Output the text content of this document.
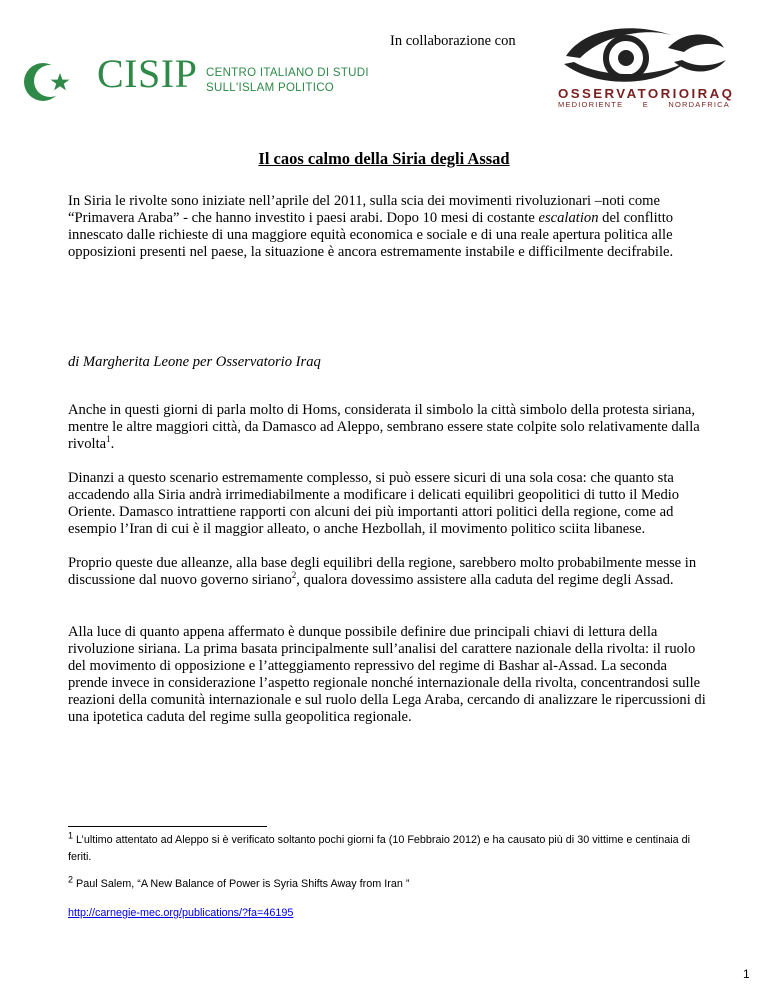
In collaborazione con
CISIP CENTRO ITALIANO DI STUDI
SULL'ISLAM POLITICO	OSSERVATORIOIRAQ
MEDIORIENTE	E	NORDAFRICA
Il caos calmo della Siria degli Assad
In Siria le rivolte sono iniziate nell’aprile del 2011, sulla scia dei movimenti rivoluzionari –noti come “Primavera Araba” - che hanno investito i paesi arabi. Dopo 10 mesi di costante escalation del conflitto innescato dalle richieste di una maggiore equità economica e sociale e di una reale apertura politica alle opposizioni presenti nel paese, la situazione è ancora estremamente instabile e difficilmente decifrabile.
di Margherita Leone per Osservatorio Iraq
Anche in questi giorni di parla molto di Homs, considerata il simbolo la città simbolo della protesta siriana, mentre le altre maggiori città, da Damasco ad Aleppo, sembrano essere state colpite solo relativamente dalla rivolta$^1$.
Dinanzi a questo scenario estremamente complesso, si può essere sicuri di una sola cosa: che quanto sta accadendo alla Siria andrà irrimediabilmente a modificare i delicati equilibri geopolitici di tutto il Medio Oriente. Damasco intrattiene rapporti con alcuni dei più importanti attori politici della regione, come ad esempio l’Iran di cui è il maggior alleato, o anche Hezbollah, il movimento politico sciita libanese.
Proprio queste due alleanze, alla base degli equilibri della regione, sarebbero molto probabilmente messe in discussione dal nuovo governo siriano$^2$, qualora dovessimo assistere alla caduta del regime degli Assad.
Alla luce di quanto appena affermato è dunque possibile definire due principali chiavi di lettura della rivoluzione siriana. La prima basata principalmente sull’analisi del carattere nazionale della rivolta: il ruolo del movimento di opposizione e l’atteggiamento repressivo del regime di Bashar al-Assad. La seconda prende invece in considerazione l’aspetto regionale nonché internazionale della rivolta, concentrandosi sulle reazioni della comunità internazionale e sul ruolo della Lega Araba, cercando di analizzare le ripercussioni di una ipotetica caduta del regime sulla geopolitica regionale.
$^1$ L’ultimo attentato ad Aleppo si è verificato soltanto pochi giorni fa (10 Febbraio 2012) e ha causato più di 30 vittime e centinaia di feriti.
$^2$ Paul Salem, “A New Balance of Power is Syria Shifts Away from Iran ”
http://carnegie-mec.org/publications/?fa=46195
1
